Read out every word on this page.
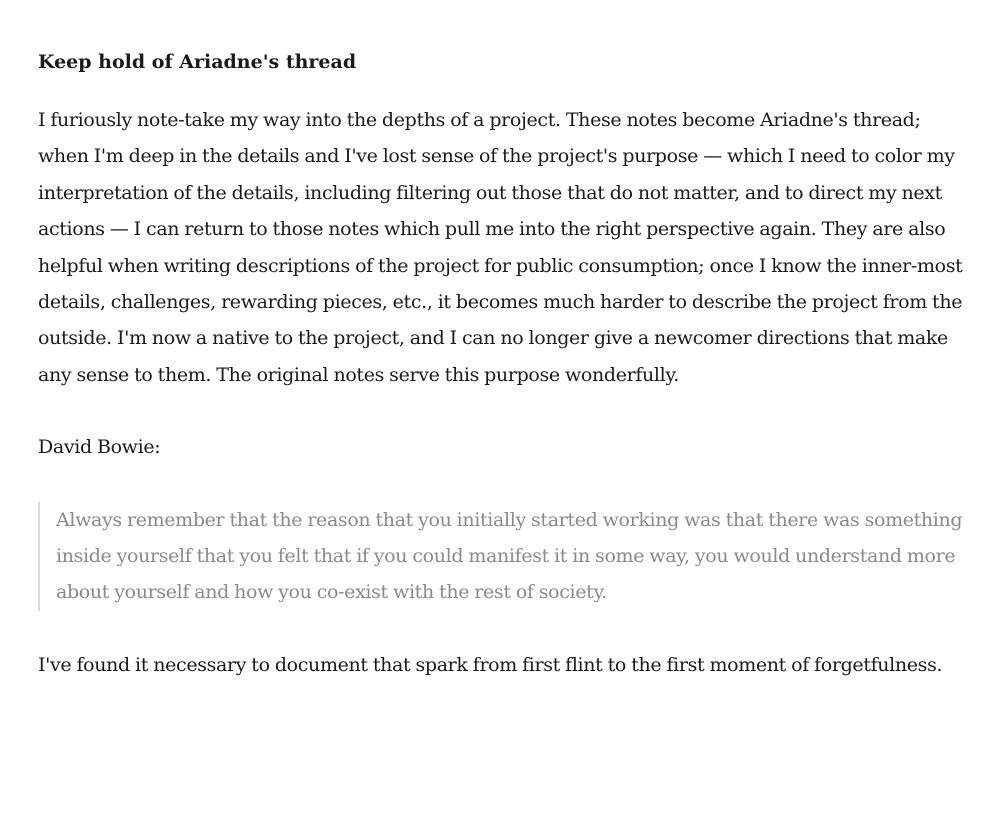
Keep hold of Ariadne's thread

I furiously note-take my way into the depths of a project. These notes become Ariadne's thread; when I'm deep in the details and I've lost sense of the project's purpose — which I need to color my interpretation of the details, including filtering out those that do not matter, and to direct my next actions — I can return to those notes which pull me into the right perspective again. They are also helpful when writing descriptions of the project for public consumption; once I know the inner-most details, challenges, rewarding pieces, etc., it becomes much harder to describe the project from the outside. I'm now a native to the project, and I can no longer give a newcomer directions that make any sense to them. The original notes serve this purpose wonderfully.

David Bowie:

Always remember that the reason that you initially started working was that there was something inside yourself that you felt that if you could manifest it in some way, you would understand more about yourself and how you co-exist with the rest of society.

I've found it necessary to document that spark from first flint to the first moment of forgetfulness.
